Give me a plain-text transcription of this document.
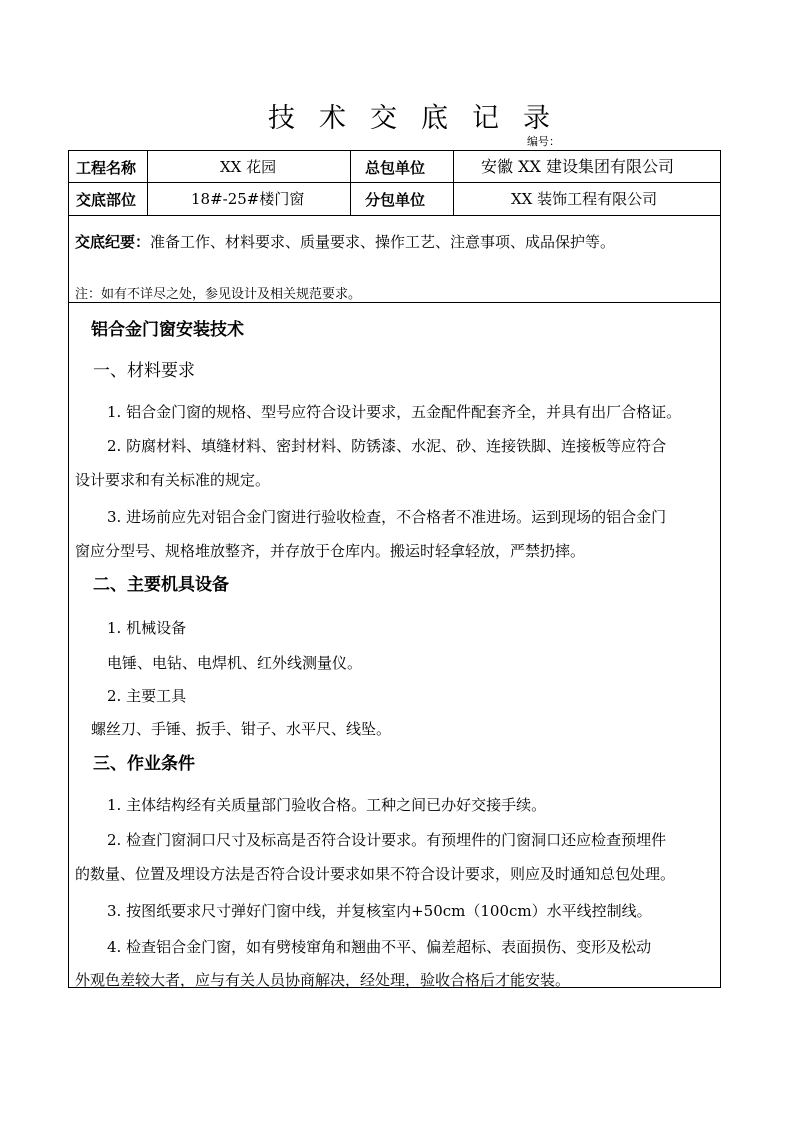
技术交底记录
编号：
工程名称	XX 花园	总包单位	安徽 XX 建设集团有限公司
交底部位	18#-25#楼门窗	分包单位	XX 装饰工程有限公司
交底纪要：准备工作、材料要求、质量要求、操作工艺、注意事项、成品保护等。
注：如有不详尽之处，参见设计及相关规范要求。
铝合金门窗安装技术
一、材料要求
1. 铝合金门窗的规格、型号应符合设计要求，五金配件配套齐全，并具有出厂合格证。
2. 防腐材料、填缝材料、密封材料、防锈漆、水泥、砂、连接铁脚、连接板等应符合
设计要求和有关标准的规定。
3. 进场前应先对铝合金门窗进行验收检查，不合格者不准进场。运到现场的铝合金门
窗应分型号、规格堆放整齐，并存放于仓库内。搬运时轻拿轻放，严禁扔摔。
二、主要机具设备
1. 机械设备
电锤、电钻、电焊机、红外线测量仪。
2. 主要工具
螺丝刀、手锤、扳手、钳子、水平尺、线坠。
三、作业条件
1. 主体结构经有关质量部门验收合格。工种之间已办好交接手续。
2. 检查门窗洞口尺寸及标高是否符合设计要求。有预埋件的门窗洞口还应检查预埋件
的数量、位置及埋设方法是否符合设计要求如果不符合设计要求，则应及时通知总包处理。
3. 按图纸要求尺寸弹好门窗中线，并复核室内+50cm（100cm）水平线控制线。
4. 检查铝合金门窗，如有劈棱窜角和翘曲不平、偏差超标、表面损伤、变形及松动
外观色差较大者，应与有关人员协商解决，经处理，验收合格后才能安装。
